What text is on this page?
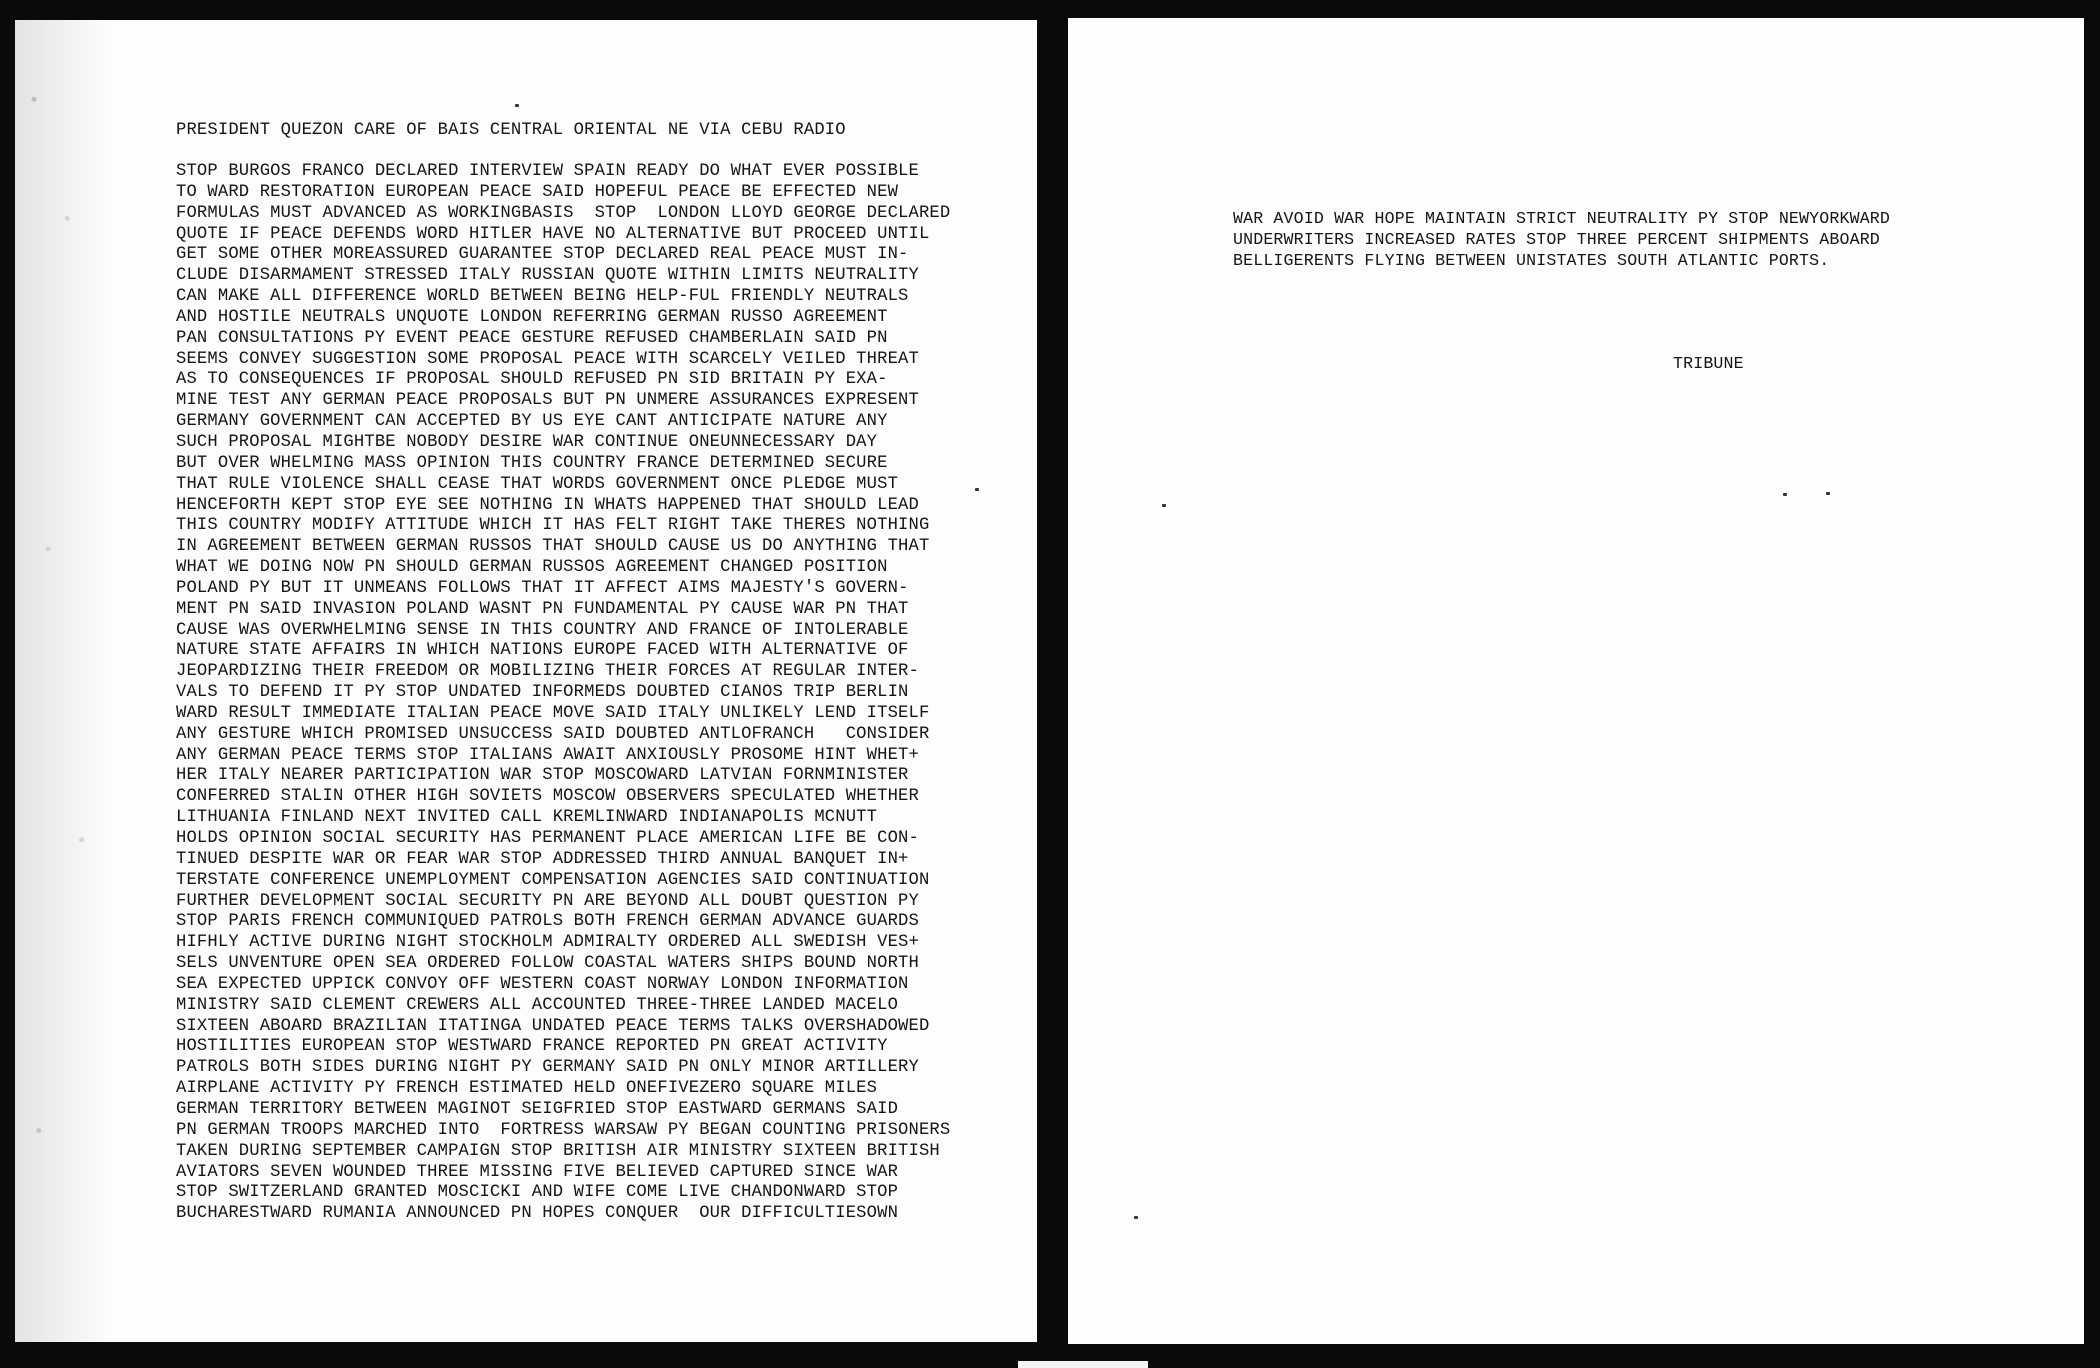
PRESIDENT QUEZON CARE OF BAIS CENTRAL ORIENTAL NE VIA CEBU RADIO

STOP BURGOS FRANCO DECLARED INTERVIEW SPAIN READY DO WHAT EVER POSSIBLE
TO WARD RESTORATION EUROPEAN PEACE SAID HOPEFUL PEACE BE EFFECTED NEW
FORMULAS MUST ADVANCED AS WORKINGBASIS  STOP  LONDON LLOYD GEORGE DECLARED
QUOTE IF PEACE DEFENDS WORD HITLER HAVE NO ALTERNATIVE BUT PROCEED UNTIL
GET SOME OTHER MOREASSURED GUARANTEE STOP DECLARED REAL PEACE MUST IN-
CLUDE DISARMAMENT STRESSED ITALY RUSSIAN QUOTE WITHIN LIMITS NEUTRALITY
CAN MAKE ALL DIFFERENCE WORLD BETWEEN BEING HELP-FUL FRIENDLY NEUTRALS
AND HOSTILE NEUTRALS UNQUOTE LONDON REFERRING GERMAN RUSSO AGREEMENT
PAN CONSULTATIONS PY EVENT PEACE GESTURE REFUSED CHAMBERLAIN SAID PN
SEEMS CONVEY SUGGESTION SOME PROPOSAL PEACE WITH SCARCELY VEILED THREAT
AS TO CONSEQUENCES IF PROPOSAL SHOULD REFUSED PN SID BRITAIN PY EXA-
MINE TEST ANY GERMAN PEACE PROPOSALS BUT PN UNMERE ASSURANCES EXPRESENT
GERMANY GOVERNMENT CAN ACCEPTED BY US EYE CANT ANTICIPATE NATURE ANY
SUCH PROPOSAL MIGHTBE NOBODY DESIRE WAR CONTINUE ONEUNNECESSARY DAY
BUT OVER WHELMING MASS OPINION THIS COUNTRY FRANCE DETERMINED SECURE
THAT RULE VIOLENCE SHALL CEASE THAT WORDS GOVERNMENT ONCE PLEDGE MUST
HENCEFORTH KEPT STOP EYE SEE NOTHING IN WHATS HAPPENED THAT SHOULD LEAD
THIS COUNTRY MODIFY ATTITUDE WHICH IT HAS FELT RIGHT TAKE THERES NOTHING
IN AGREEMENT BETWEEN GERMAN RUSSOS THAT SHOULD CAUSE US DO ANYTHING THAT
WHAT WE DOING NOW PN SHOULD GERMAN RUSSOS AGREEMENT CHANGED POSITION
POLAND PY BUT IT UNMEANS FOLLOWS THAT IT AFFECT AIMS MAJESTY'S GOVERN-
MENT PN SAID INVASION POLAND WASNT PN FUNDAMENTAL PY CAUSE WAR PN THAT
CAUSE WAS OVERWHELMING SENSE IN THIS COUNTRY AND FRANCE OF INTOLERABLE
NATURE STATE AFFAIRS IN WHICH NATIONS EUROPE FACED WITH ALTERNATIVE OF
JEOPARDIZING THEIR FREEDOM OR MOBILIZING THEIR FORCES AT REGULAR INTER-
VALS TO DEFEND IT PY STOP UNDATED INFORMEDS DOUBTED CIANOS TRIP BERLIN
WARD RESULT IMMEDIATE ITALIAN PEACE MOVE SAID ITALY UNLIKELY LEND ITSELF
ANY GESTURE WHICH PROMISED UNSUCCESS SAID DOUBTED ANTLOFRANCH   CONSIDER
ANY GERMAN PEACE TERMS STOP ITALIANS AWAIT ANXIOUSLY PROSOME HINT WHET+
HER ITALY NEARER PARTICIPATION WAR STOP MOSCOWARD LATVIAN FORNMINISTER
CONFERRED STALIN OTHER HIGH SOVIETS MOSCOW OBSERVERS SPECULATED WHETHER
LITHUANIA FINLAND NEXT INVITED CALL KREMLINWARD INDIANAPOLIS MCNUTT
HOLDS OPINION SOCIAL SECURITY HAS PERMANENT PLACE AMERICAN LIFE BE CON-
TINUED DESPITE WAR OR FEAR WAR STOP ADDRESSED THIRD ANNUAL BANQUET IN+
TERSTATE CONFERENCE UNEMPLOYMENT COMPENSATION AGENCIES SAID CONTINUATION
FURTHER DEVELOPMENT SOCIAL SECURITY PN ARE BEYOND ALL DOUBT QUESTION PY
STOP PARIS FRENCH COMMUNIQUED PATROLS BOTH FRENCH GERMAN ADVANCE GUARDS
HIFHLY ACTIVE DURING NIGHT STOCKHOLM ADMIRALTY ORDERED ALL SWEDISH VES+
SELS UNVENTURE OPEN SEA ORDERED FOLLOW COASTAL WATERS SHIPS BOUND NORTH
SEA EXPECTED UPPICK CONVOY OFF WESTERN COAST NORWAY LONDON INFORMATION
MINISTRY SAID CLEMENT CREWERS ALL ACCOUNTED THREE-THREE LANDED MACELO
SIXTEEN ABOARD BRAZILIAN ITATINGA UNDATED PEACE TERMS TALKS OVERSHADOWED
HOSTILITIES EUROPEAN STOP WESTWARD FRANCE REPORTED PN GREAT ACTIVITY
PATROLS BOTH SIDES DURING NIGHT PY GERMANY SAID PN ONLY MINOR ARTILLERY
AIRPLANE ACTIVITY PY FRENCH ESTIMATED HELD ONEFIVEZERO SQUARE MILES
GERMAN TERRITORY BETWEEN MAGINOT SEIGFRIED STOP EASTWARD GERMANS SAID
PN GERMAN TROOPS MARCHED INTO  FORTRESS WARSAW PY BEGAN COUNTING PRISONERS
TAKEN DURING SEPTEMBER CAMPAIGN STOP BRITISH AIR MINISTRY SIXTEEN BRITISH
AVIATORS SEVEN WOUNDED THREE MISSING FIVE BELIEVED CAPTURED SINCE WAR
STOP SWITZERLAND GRANTED MOSCICKI AND WIFE COME LIVE CHANDONWARD STOP
BUCHARESTWARD RUMANIA ANNOUNCED PN HOPES CONQUER  OUR DIFFICULTIESOWN

WAR AVOID WAR HOPE MAINTAIN STRICT NEUTRALITY PY STOP NEWYORKWARD
UNDERWRITERS INCREASED RATES STOP THREE PERCENT SHIPMENTS ABOARD
BELLIGERENTS FLYING BETWEEN UNISTATES SOUTH ATLANTIC PORTS.

TRIBUNE
